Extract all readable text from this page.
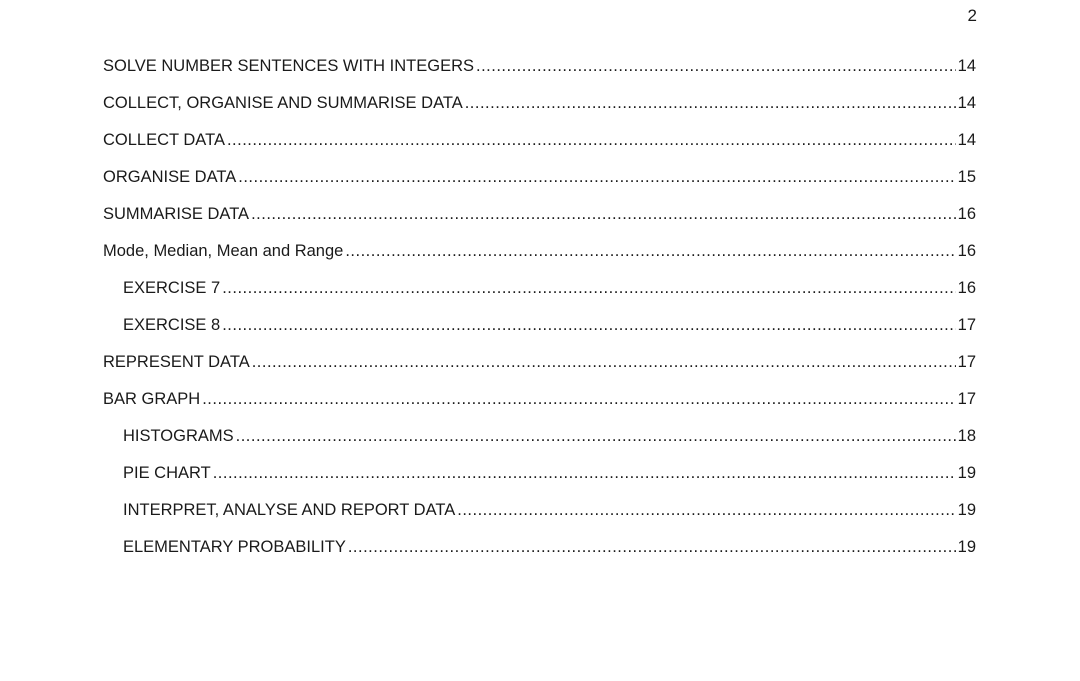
2
SOLVE NUMBER SENTENCES WITH INTEGERS .....	14
COLLECT, ORGANISE AND SUMMARISE DATA .....	14
COLLECT DATA .....	14
ORGANISE DATA .....	15
SUMMARISE DATA .....	16
Mode, Median, Mean and Range .....	16
EXERCISE 7 .....	16
EXERCISE 8 .....	17
REPRESENT DATA .....	17
BAR GRAPH .....	17
HISTOGRAMS .....	18
PIE CHART .....	19
INTERPRET, ANALYSE AND REPORT DATA .....	19
ELEMENTARY PROBABILITY .....	19
